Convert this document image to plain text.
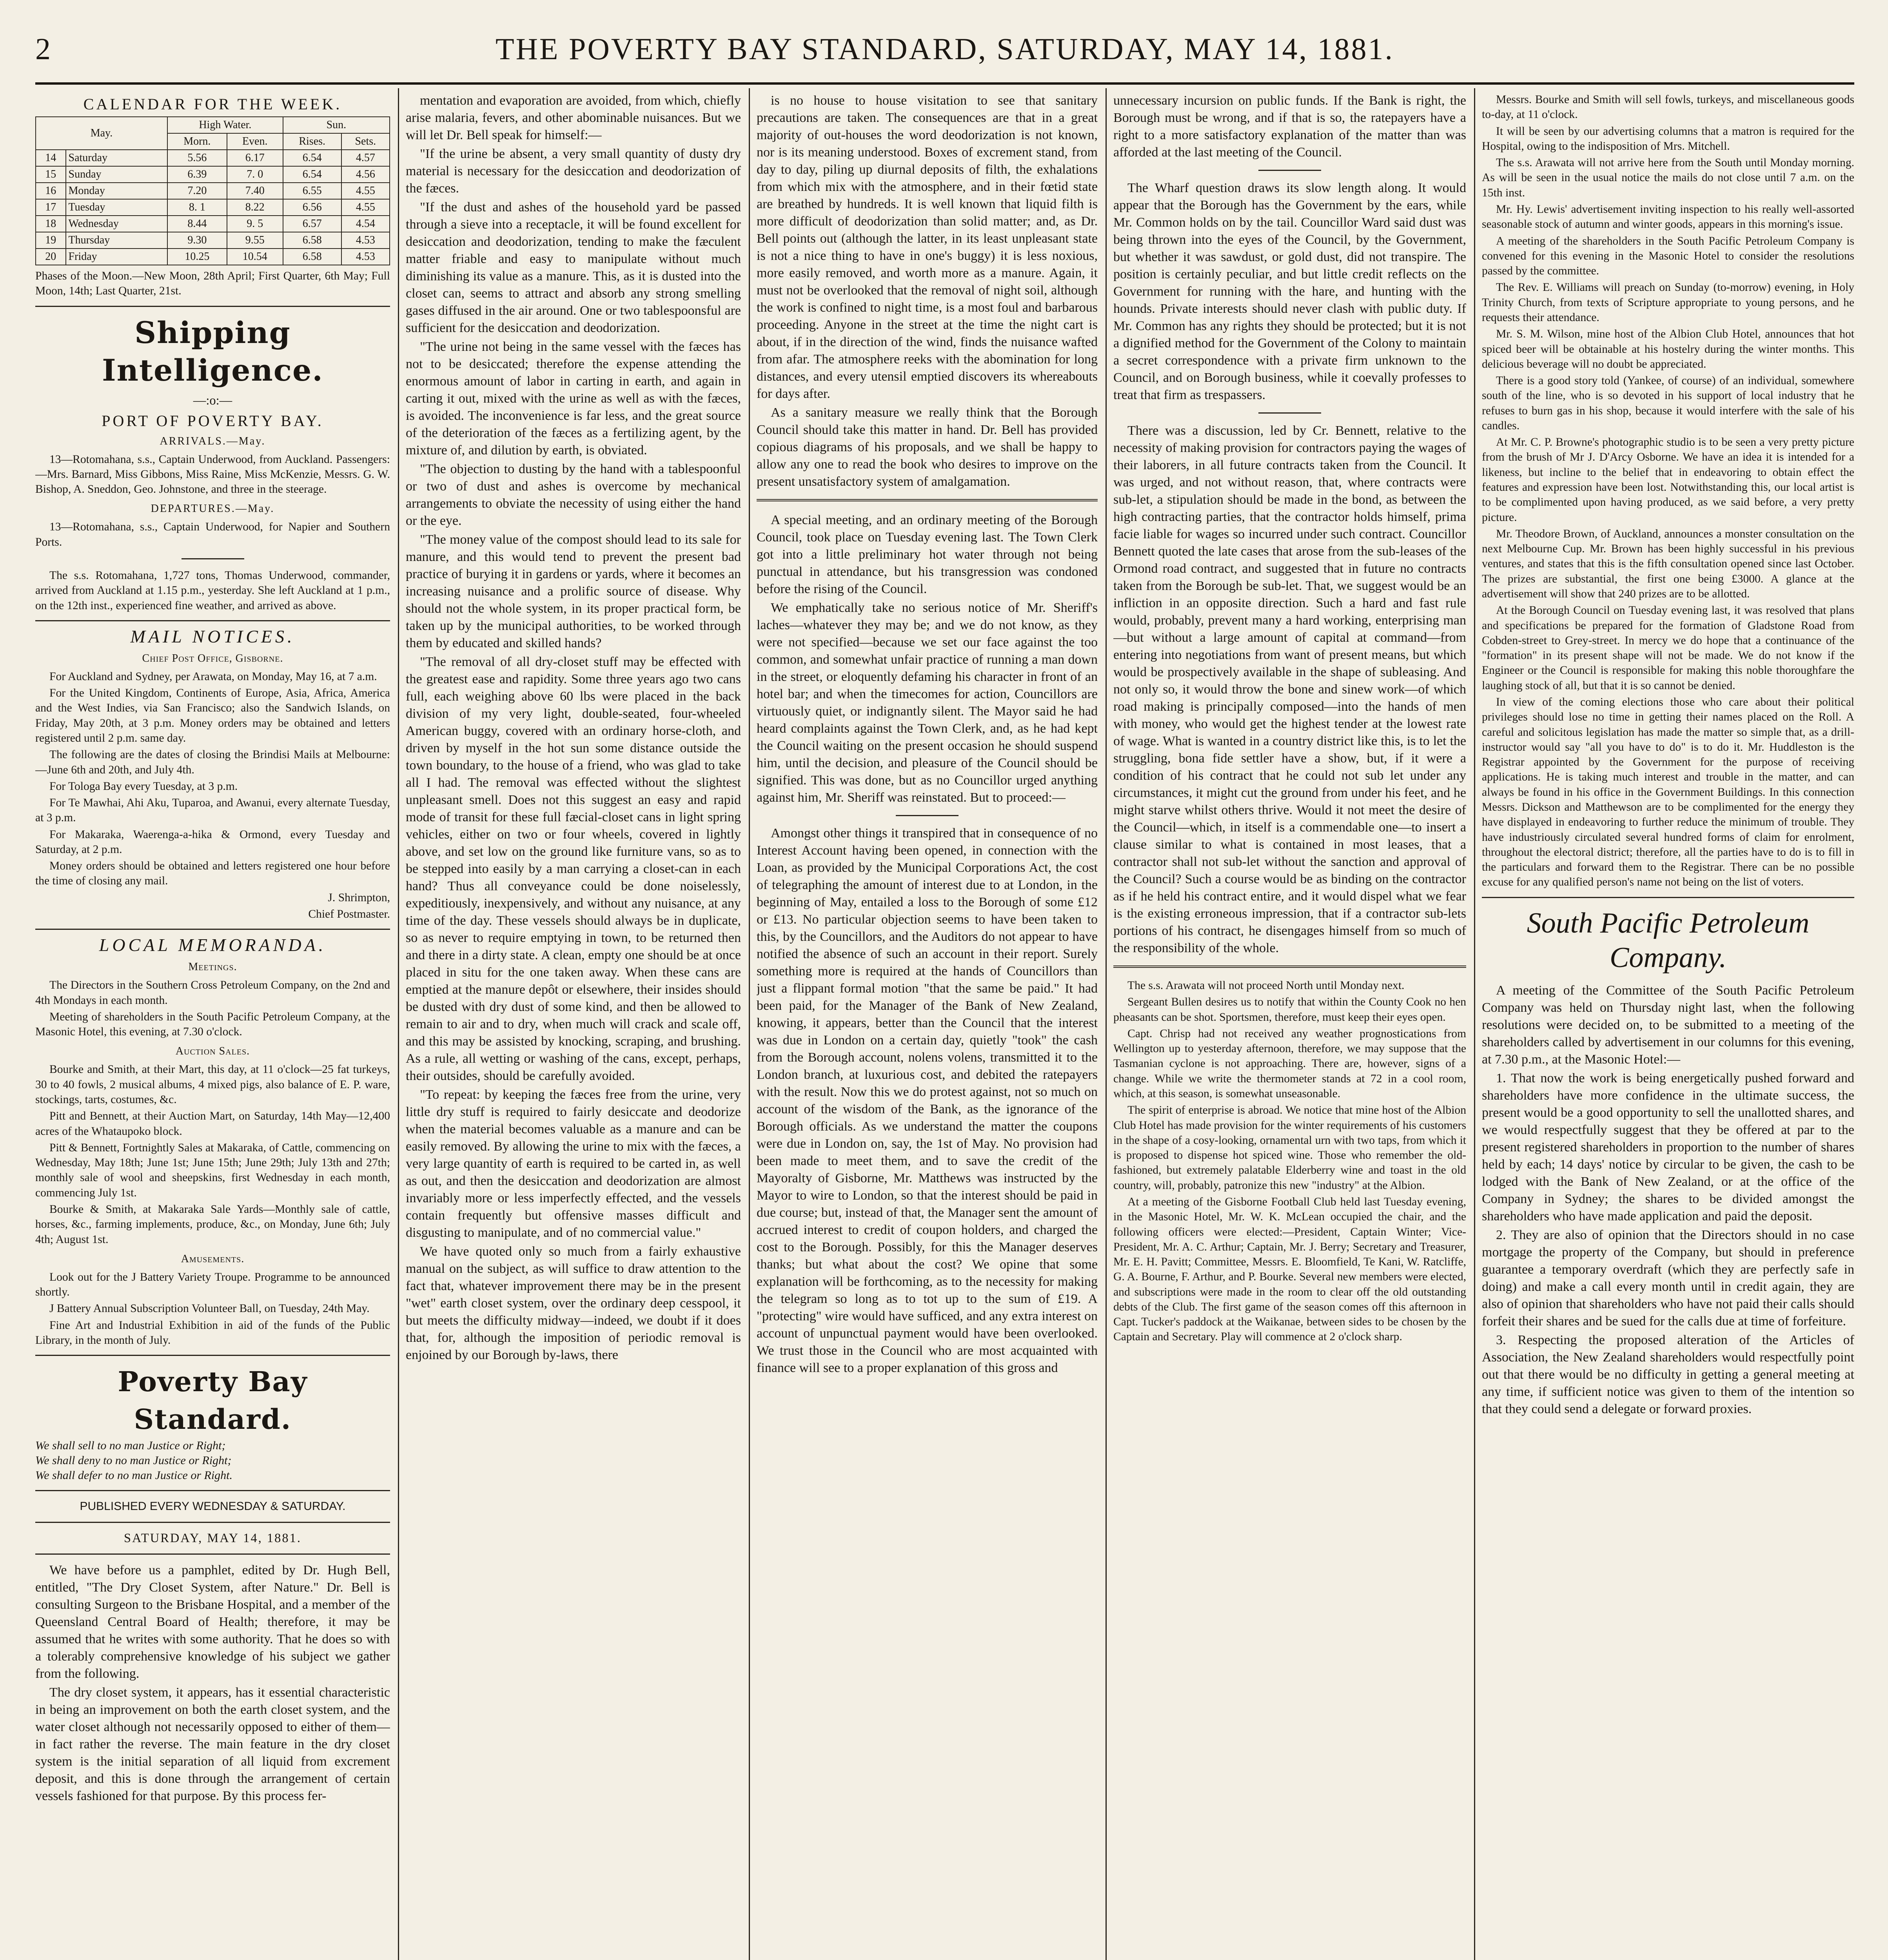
2	THE POVERTY BAY STANDARD, SATURDAY, MAY 14, 1881.
CALENDAR FOR THE WEEK.
May.		High Water.		Sun.	
		Morn.	Even.	Rises.	Sets.
14	Saturday	5.56	6.17	6.54	4.57
15	Sunday	6.39	7. 0	6.54	4.56
16	Monday	7.20	7.40	6.55	4.55
17	Tuesday	8. 1	8.22	6.56	4.55
18	Wednesday	8.44	9. 5	6.57	4.54
19	Thursday	9.30	9.55	6.58	4.53
20	Friday	10.25	10.54	6.58	4.53

Phases of the Moon.—New Moon, 28th April; First Quarter, 6th May; Full Moon, 14th; Last Quarter, 21st.

Shipping Intelligence.
—:o:—
PORT OF POVERTY BAY.
ARRIVALS.—May.

13—Rotomahana, s.s., Captain Underwood, from Auckland. Passengers:—Mrs. Barnard, Miss Gibbons, Miss Raine, Miss McKenzie, Messrs. G. W. Bishop, A. Sneddon, Geo. Johnstone, and three in the steerage.

DEPARTURES.—May.

13—Rotomahana, s.s., Captain Underwood, for Napier and Southern Ports.

The s.s. Rotomahana, 1,727 tons, Thomas Underwood, commander, arrived from Auckland at 1.15 p.m., yesterday. She left Auckland at 1 p.m., on the 12th inst., experienced fine weather, and arrived as above.

MAIL NOTICES.
Chief Post Office, Gisborne.

For Auckland and Sydney, per Arawata, on Monday, May 16, at 7 a.m.

For the United Kingdom, Continents of Europe, Asia, Africa, America and the West Indies, via San Francisco; also the Sandwich Islands, on Friday, May 20th, at 3 p.m. Money orders may be obtained and letters registered until 2 p.m. same day.

The following are the dates of closing the Brindisi Mails at Melbourne:—June 6th and 20th, and July 4th.

For Tologa Bay every Tuesday, at 3 p.m.

For Te Mawhai, Ahi Aku, Tuparoa, and Awanui, every alternate Tuesday, at 3 p.m.

For Makaraka, Waerenga-a-hika & Ormond, every Tuesday and Saturday, at 2 p.m.

Money orders should be obtained and letters registered one hour before the time of closing any mail.

J. Shrimpton,

Chief Postmaster.

LOCAL MEMORANDA.
Meetings.

The Directors in the Southern Cross Petroleum Company, on the 2nd and 4th Mondays in each month.

Meeting of shareholders in the South Pacific Petroleum Company, at the Masonic Hotel, this evening, at 7.30 o'clock.

Auction Sales.

Bourke and Smith, at their Mart, this day, at 11 o'clock—25 fat turkeys, 30 to 40 fowls, 2 musical albums, 4 mixed pigs, also balance of E. P. ware, stockings, tarts, costumes, &c.

Pitt and Bennett, at their Auction Mart, on Saturday, 14th May—12,400 acres of the Whataupoko block.

Pitt & Bennett, Fortnightly Sales at Makaraka, of Cattle, commencing on Wednesday, May 18th; June 1st; June 15th; June 29th; July 13th and 27th; monthly sale of wool and sheepskins, first Wednesday in each month, commencing July 1st.

Bourke & Smith, at Makaraka Sale Yards—Monthly sale of cattle, horses, &c., farming implements, produce, &c., on Monday, June 6th; July 4th; August 1st.

Amusements.

Look out for the J Battery Variety Troupe. Programme to be announced shortly.

J Battery Annual Subscription Volunteer Ball, on Tuesday, 24th May.

Fine Art and Industrial Exhibition in aid of the funds of the Public Library, in the month of July.

Poverty Bay Standard.
We shall sell to no man Justice or Right;
We shall deny to no man Justice or Right;
We shall defer to no man Justice or Right.
PUBLISHED EVERY WEDNESDAY & SATURDAY.
SATURDAY, MAY 14, 1881.

We have before us a pamphlet, edited by Dr. Hugh Bell, entitled, "The Dry Closet System, after Nature." Dr. Bell is consulting Surgeon to the Brisbane Hospital, and a member of the Queensland Central Board of Health; therefore, it may be assumed that he writes with some authority. That he does so with a tolerably comprehensive knowledge of his subject we gather from the following.

The dry closet system, it appears, has it essential characteristic in being an improvement on both the earth closet system, and the water closet although not necessarily opposed to either of them—in fact rather the reverse. The main feature in the dry closet system is the initial separation of all liquid from excrement deposit, and this is done through the arrangement of certain vessels fashioned for that purpose. By this process fer-

mentation and evaporation are avoided, from which, chiefly arise malaria, fevers, and other abominable nuisances. But we will let Dr. Bell speak for himself:—

"If the urine be absent, a very small quantity of dusty dry material is necessary for the desiccation and deodorization of the fæces.

"If the dust and ashes of the household yard be passed through a sieve into a receptacle, it will be found excellent for desiccation and deodorization, tending to make the fæculent matter friable and easy to manipulate without much diminishing its value as a manure. This, as it is dusted into the closet can, seems to attract and absorb any strong smelling gases diffused in the air around. One or two tablespoonsful are sufficient for the desiccation and deodorization.

"The urine not being in the same vessel with the fæces has not to be desiccated; therefore the expense attending the enormous amount of labor in carting in earth, and again in carting it out, mixed with the urine as well as with the fæces, is avoided. The inconvenience is far less, and the great source of the deterioration of the fæces as a fertilizing agent, by the mixture of, and dilution by earth, is obviated.

"The objection to dusting by the hand with a tablespoonful or two of dust and ashes is overcome by mechanical arrangements to obviate the necessity of using either the hand or the eye.

"The money value of the compost should lead to its sale for manure, and this would tend to prevent the present bad practice of burying it in gardens or yards, where it becomes an increasing nuisance and a prolific source of disease. Why should not the whole system, in its proper practical form, be taken up by the municipal authorities, to be worked through them by educated and skilled hands?

"The removal of all dry-closet stuff may be effected with the greatest ease and rapidity. Some three years ago two cans full, each weighing above 60 lbs were placed in the back division of my very light, double-seated, four-wheeled American buggy, covered with an ordinary horse-cloth, and driven by myself in the hot sun some distance outside the town boundary, to the house of a friend, who was glad to take all I had. The removal was effected without the slightest unpleasant smell. Does not this suggest an easy and rapid mode of transit for these full fæcial-closet cans in light spring vehicles, either on two or four wheels, covered in lightly above, and set low on the ground like furniture vans, so as to be stepped into easily by a man carrying a closet-can in each hand? Thus all conveyance could be done noiselessly, expeditiously, inexpensively, and without any nuisance, at any time of the day. These vessels should always be in duplicate, so as never to require emptying in town, to be returned then and there in a dirty state. A clean, empty one should be at once placed in situ for the one taken away. When these cans are emptied at the manure depôt or elsewhere, their insides should be dusted with dry dust of some kind, and then be allowed to remain to air and to dry, when much will crack and scale off, and this may be assisted by knocking, scraping, and brushing. As a rule, all wetting or washing of the cans, except, perhaps, their outsides, should be carefully avoided.

"To repeat: by keeping the fæces free from the urine, very little dry stuff is required to fairly desiccate and deodorize when the material becomes valuable as a manure and can be easily removed. By allowing the urine to mix with the fæces, a very large quantity of earth is required to be carted in, as well as out, and then the desiccation and deodorization are almost invariably more or less imperfectly effected, and the vessels contain frequently but offensive masses difficult and disgusting to manipulate, and of no commercial value."

We have quoted only so much from a fairly exhaustive manual on the subject, as will suffice to draw attention to the fact that, whatever improvement there may be in the present "wet" earth closet system, over the ordinary deep cesspool, it but meets the difficulty midway—indeed, we doubt if it does that, for, although the imposition of periodic removal is enjoined by our Borough by-laws, there

is no house to house visitation to see that sanitary precautions are taken. The consequences are that in a great majority of out-houses the word deodorization is not known, nor is its meaning understood. Boxes of excrement stand, from day to day, piling up diurnal deposits of filth, the exhalations from which mix with the atmosphere, and in their fœtid state are breathed by hundreds. It is well known that liquid filth is more difficult of deodorization than solid matter; and, as Dr. Bell points out (although the latter, in its least unpleasant state is not a nice thing to have in one's buggy) it is less noxious, more easily removed, and worth more as a manure. Again, it must not be overlooked that the removal of night soil, although the work is confined to night time, is a most foul and barbarous proceeding. Anyone in the street at the time the night cart is about, if in the direction of the wind, finds the nuisance wafted from afar. The atmosphere reeks with the abomination for long distances, and every utensil emptied discovers its whereabouts for days after.

As a sanitary measure we really think that the Borough Council should take this matter in hand. Dr. Bell has provided copious diagrams of his proposals, and we shall be happy to allow any one to read the book who desires to improve on the present unsatisfactory system of amalgamation.

A special meeting, and an ordinary meeting of the Borough Council, took place on Tuesday evening last. The Town Clerk got into a little preliminary hot water through not being punctual in attendance, but his transgression was condoned before the rising of the Council.

We emphatically take no serious notice of Mr. Sheriff's laches—whatever they may be; and we do not know, as they were not specified—because we set our face against the too common, and somewhat unfair practice of running a man down in the street, or eloquently defaming his character in front of an hotel bar; and when the timecomes for action, Councillors are virtuously quiet, or indignantly silent. The Mayor said he had heard complaints against the Town Clerk, and, as he had kept the Council waiting on the present occasion he should suspend him, until the decision, and pleasure of the Council should be signified. This was done, but as no Councillor urged anything against him, Mr. Sheriff was reinstated. But to proceed:—

Amongst other things it transpired that in consequence of no Interest Account having been opened, in connection with the Loan, as provided by the Municipal Corporations Act, the cost of telegraphing the amount of interest due to at London, in the beginning of May, entailed a loss to the Borough of some £12 or £13. No particular objection seems to have been taken to this, by the Councillors, and the Auditors do not appear to have notified the absence of such an account in their report. Surely something more is required at the hands of Councillors than just a flippant formal motion "that the same be paid." It had been paid, for the Manager of the Bank of New Zealand, knowing, it appears, better than the Council that the interest was due in London on a certain day, quietly "took" the cash from the Borough account, nolens volens, transmitted it to the London branch, at luxurious cost, and debited the ratepayers with the result. Now this we do protest against, not so much on account of the wisdom of the Bank, as the ignorance of the Borough officials. As we understand the matter the coupons were due in London on, say, the 1st of May. No provision had been made to meet them, and to save the credit of the Mayoralty of Gisborne, Mr. Matthews was instructed by the Mayor to wire to London, so that the interest should be paid in due course; but, instead of that, the Manager sent the amount of accrued interest to credit of coupon holders, and charged the cost to the Borough. Possibly, for this the Manager deserves thanks; but what about the cost? We opine that some explanation will be forthcoming, as to the necessity for making the telegram so long as to tot up to the sum of £19. A "protecting" wire would have sufficed, and any extra interest on account of unpunctual payment would have been overlooked. We trust those in the Council who are most acquainted with finance will see to a proper explanation of this gross and

unnecessary incursion on public funds. If the Bank is right, the Borough must be wrong, and if that is so, the ratepayers have a right to a more satisfactory explanation of the matter than was afforded at the last meeting of the Council.

The Wharf question draws its slow length along. It would appear that the Borough has the Government by the ears, while Mr. Common holds on by the tail. Councillor Ward said dust was being thrown into the eyes of the Council, by the Government, but whether it was sawdust, or gold dust, did not transpire. The position is certainly peculiar, and but little credit reflects on the Government for running with the hare, and hunting with the hounds. Private interests should never clash with public duty. If Mr. Common has any rights they should be protected; but it is not a dignified method for the Government of the Colony to maintain a secret correspondence with a private firm unknown to the Council, and on Borough business, while it coevally professes to treat that firm as trespassers.

There was a discussion, led by Cr. Bennett, relative to the necessity of making provision for contractors paying the wages of their laborers, in all future contracts taken from the Council. It was urged, and not without reason, that, where contracts were sub-let, a stipulation should be made in the bond, as between the high contracting parties, that the contractor holds himself, prima facie liable for wages so incurred under such contract. Councillor Bennett quoted the late cases that arose from the sub-leases of the Ormond road contract, and suggested that in future no contracts taken from the Borough be sub-let. That, we suggest would be an infliction in an opposite direction. Such a hard and fast rule would, probably, prevent many a hard working, enterprising man—but without a large amount of capital at command—from entering into negotiations from want of present means, but which would be prospectively available in the shape of subleasing. And not only so, it would throw the bone and sinew work—of which road making is principally composed—into the hands of men with money, who would get the highest tender at the lowest rate of wage. What is wanted in a country district like this, is to let the struggling, bona fide settler have a show, but, if it were a condition of his contract that he could not sub let under any circumstances, it might cut the ground from under his feet, and he might starve whilst others thrive. Would it not meet the desire of the Council—which, in itself is a commendable one—to insert a clause similar to what is contained in most leases, that a contractor shall not sub-let without the sanction and approval of the Council? Such a course would be as binding on the contractor as if he held his contract entire, and it would dispel what we fear is the existing erroneous impression, that if a contractor sub-lets portions of his contract, he disengages himself from so much of the responsibility of the whole.

The s.s. Arawata will not proceed North until Monday next.

Sergeant Bullen desires us to notify that within the County Cook no hen pheasants can be shot. Sportsmen, therefore, must keep their eyes open.

Capt. Chrisp had not received any weather prognostications from Wellington up to yesterday afternoon, therefore, we may suppose that the Tasmanian cyclone is not approaching. There are, however, signs of a change. While we write the thermometer stands at 72 in a cool room, which, at this season, is somewhat unseasonable.

The spirit of enterprise is abroad. We notice that mine host of the Albion Club Hotel has made provision for the winter requirements of his customers in the shape of a cosy-looking, ornamental urn with two taps, from which it is proposed to dispense hot spiced wine. Those who remember the old-fashioned, but extremely palatable Elderberry wine and toast in the old country, will, probably, patronize this new "industry" at the Albion.

At a meeting of the Gisborne Football Club held last Tuesday evening, in the Masonic Hotel, Mr. W. K. McLean occupied the chair, and the following officers were elected:—President, Captain Winter; Vice-President, Mr. A. C. Arthur; Captain, Mr. J. Berry; Secretary and Treasurer, Mr. E. H. Pavitt; Committee, Messrs. E. Bloomfield, Te Kani, W. Ratcliffe, G. A. Bourne, F. Arthur, and P. Bourke. Several new members were elected, and subscriptions were made in the room to clear off the old outstanding debts of the Club. The first game of the season comes off this afternoon in Capt. Tucker's paddock at the Waikanae, between sides to be chosen by the Captain and Secretary. Play will commence at 2 o'clock sharp.

Messrs. Bourke and Smith will sell fowls, turkeys, and miscellaneous goods to-day, at 11 o'clock.

It will be seen by our advertising columns that a matron is required for the Hospital, owing to the indisposition of Mrs. Mitchell.

The s.s. Arawata will not arrive here from the South until Monday morning. As will be seen in the usual notice the mails do not close until 7 a.m. on the 15th inst.

Mr. Hy. Lewis' advertisement inviting inspection to his really well-assorted seasonable stock of autumn and winter goods, appears in this morning's issue.

A meeting of the shareholders in the South Pacific Petroleum Company is convened for this evening in the Masonic Hotel to consider the resolutions passed by the committee.

The Rev. E. Williams will preach on Sunday (to-morrow) evening, in Holy Trinity Church, from texts of Scripture appropriate to young persons, and he requests their attendance.

Mr. S. M. Wilson, mine host of the Albion Club Hotel, announces that hot spiced beer will be obtainable at his hostelry during the winter months. This delicious beverage will no doubt be appreciated.

There is a good story told (Yankee, of course) of an individual, somewhere south of the line, who is so devoted in his support of local industry that he refuses to burn gas in his shop, because it would interfere with the sale of his candles.

At Mr. C. P. Browne's photographic studio is to be seen a very pretty picture from the brush of Mr J. D'Arcy Osborne. We have an idea it is intended for a likeness, but incline to the belief that in endeavoring to obtain effect the features and expression have been lost. Notwithstanding this, our local artist is to be complimented upon having produced, as we said before, a very pretty picture.

Mr. Theodore Brown, of Auckland, announces a monster consultation on the next Melbourne Cup. Mr. Brown has been highly successful in his previous ventures, and states that this is the fifth consultation opened since last October. The prizes are substantial, the first one being £3000. A glance at the advertisement will show that 240 prizes are to be allotted.

At the Borough Council on Tuesday evening last, it was resolved that plans and specifications be prepared for the formation of Gladstone Road from Cobden-street to Grey-street. In mercy we do hope that a continuance of the "formation" in its present shape will not be made. We do not know if the Engineer or the Council is responsible for making this noble thoroughfare the laughing stock of all, but that it is so cannot be denied.

In view of the coming elections those who care about their political privileges should lose no time in getting their names placed on the Roll. A careful and solicitous legislation has made the matter so simple that, as a drill-instructor would say "all you have to do" is to do it. Mr. Huddleston is the Registrar appointed by the Government for the purpose of receiving applications. He is taking much interest and trouble in the matter, and can always be found in his office in the Government Buildings. In this connection Messrs. Dickson and Matthewson are to be complimented for the energy they have displayed in endeavoring to further reduce the minimum of trouble. They have industriously circulated several hundred forms of claim for enrolment, throughout the electoral district; therefore, all the parties have to do is to fill in the particulars and forward them to the Registrar. There can be no possible excuse for any qualified person's name not being on the list of voters.

South Pacific Petroleum Company.

A meeting of the Committee of the South Pacific Petroleum Company was held on Thursday night last, when the following resolutions were decided on, to be submitted to a meeting of the shareholders called by advertisement in our columns for this evening, at 7.30 p.m., at the Masonic Hotel:—

1. That now the work is being energetically pushed forward and shareholders have more confidence in the ultimate success, the present would be a good opportunity to sell the unallotted shares, and we would respectfully suggest that they be offered at par to the present registered shareholders in proportion to the number of shares held by each; 14 days' notice by circular to be given, the cash to be lodged with the Bank of New Zealand, or at the office of the Company in Sydney; the shares to be divided amongst the shareholders who have made application and paid the deposit.

2. They are also of opinion that the Directors should in no case mortgage the property of the Company, but should in preference guarantee a temporary overdraft (which they are perfectly safe in doing) and make a call every month until in credit again, they are also of opinion that shareholders who have not paid their calls should forfeit their shares and be sued for the calls due at time of forfeiture.

3. Respecting the proposed alteration of the Articles of Association, the New Zealand shareholders would respectfully point out that there would be no difficulty in getting a general meeting at any time, if sufficient notice was given to them of the intention so that they could send a delegate or forward proxies.
